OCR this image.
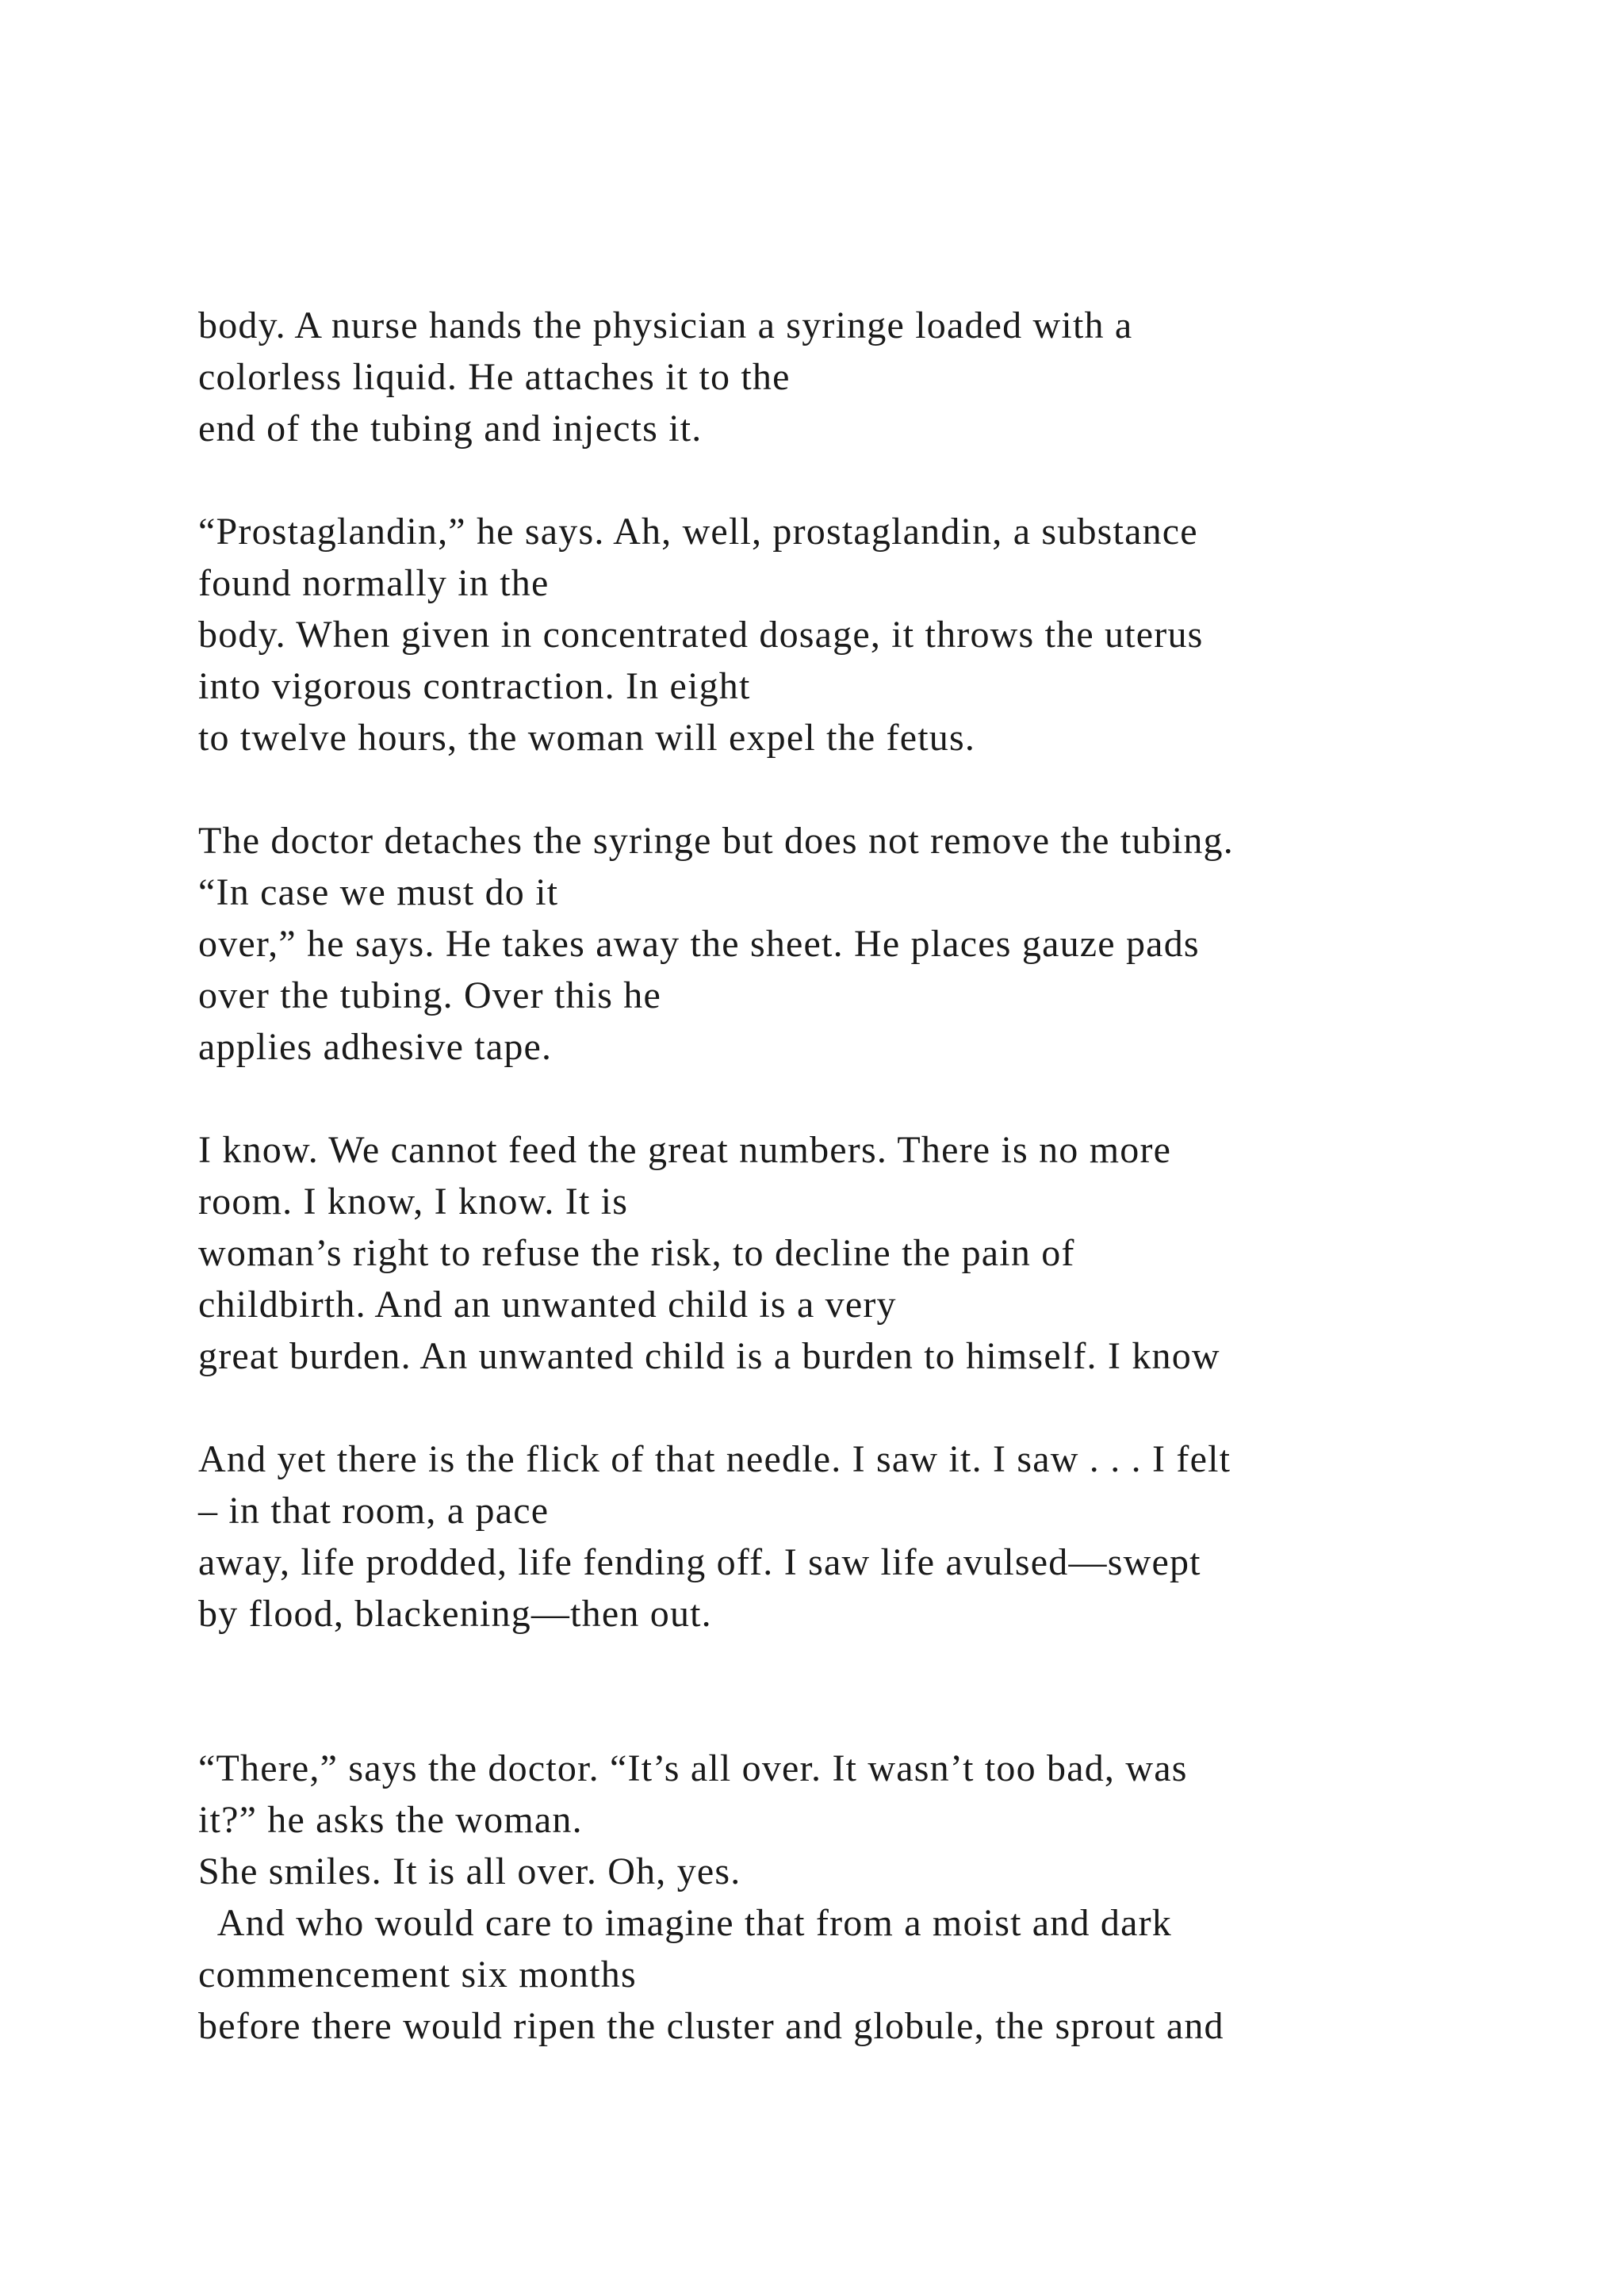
body. A nurse hands the physician a syringe loaded with a
colorless liquid. He attaches it to the
end of the tubing and injects it.
“Prostaglandin,” he says. Ah, well, prostaglandin, a substance
found normally in the
body. When given in concentrated dosage, it throws the uterus
into vigorous contraction. In eight
to twelve hours, the woman will expel the fetus.
The doctor detaches the syringe but does not remove the tubing.
“In case we must do it
over,” he says. He takes away the sheet. He places gauze pads
over the tubing. Over this he
applies adhesive tape.
I know. We cannot feed the great numbers. There is no more
room. I know, I know. It is
woman’s right to refuse the risk, to decline the pain of
childbirth. And an unwanted child is a very
great burden. An unwanted child is a burden to himself. I know
And yet there is the flick of that needle. I saw it. I saw . . . I felt
– in that room, a pace
away, life prodded, life fending off. I saw life avulsed—swept
by flood, blackening—then out.
“There,” says the doctor. “It’s all over. It wasn’t too bad, was
it?” he asks the woman.
She smiles. It is all over. Oh, yes.
And who would care to imagine that from a moist and dark
commencement six months
before there would ripen the cluster and globule, the sprout and
